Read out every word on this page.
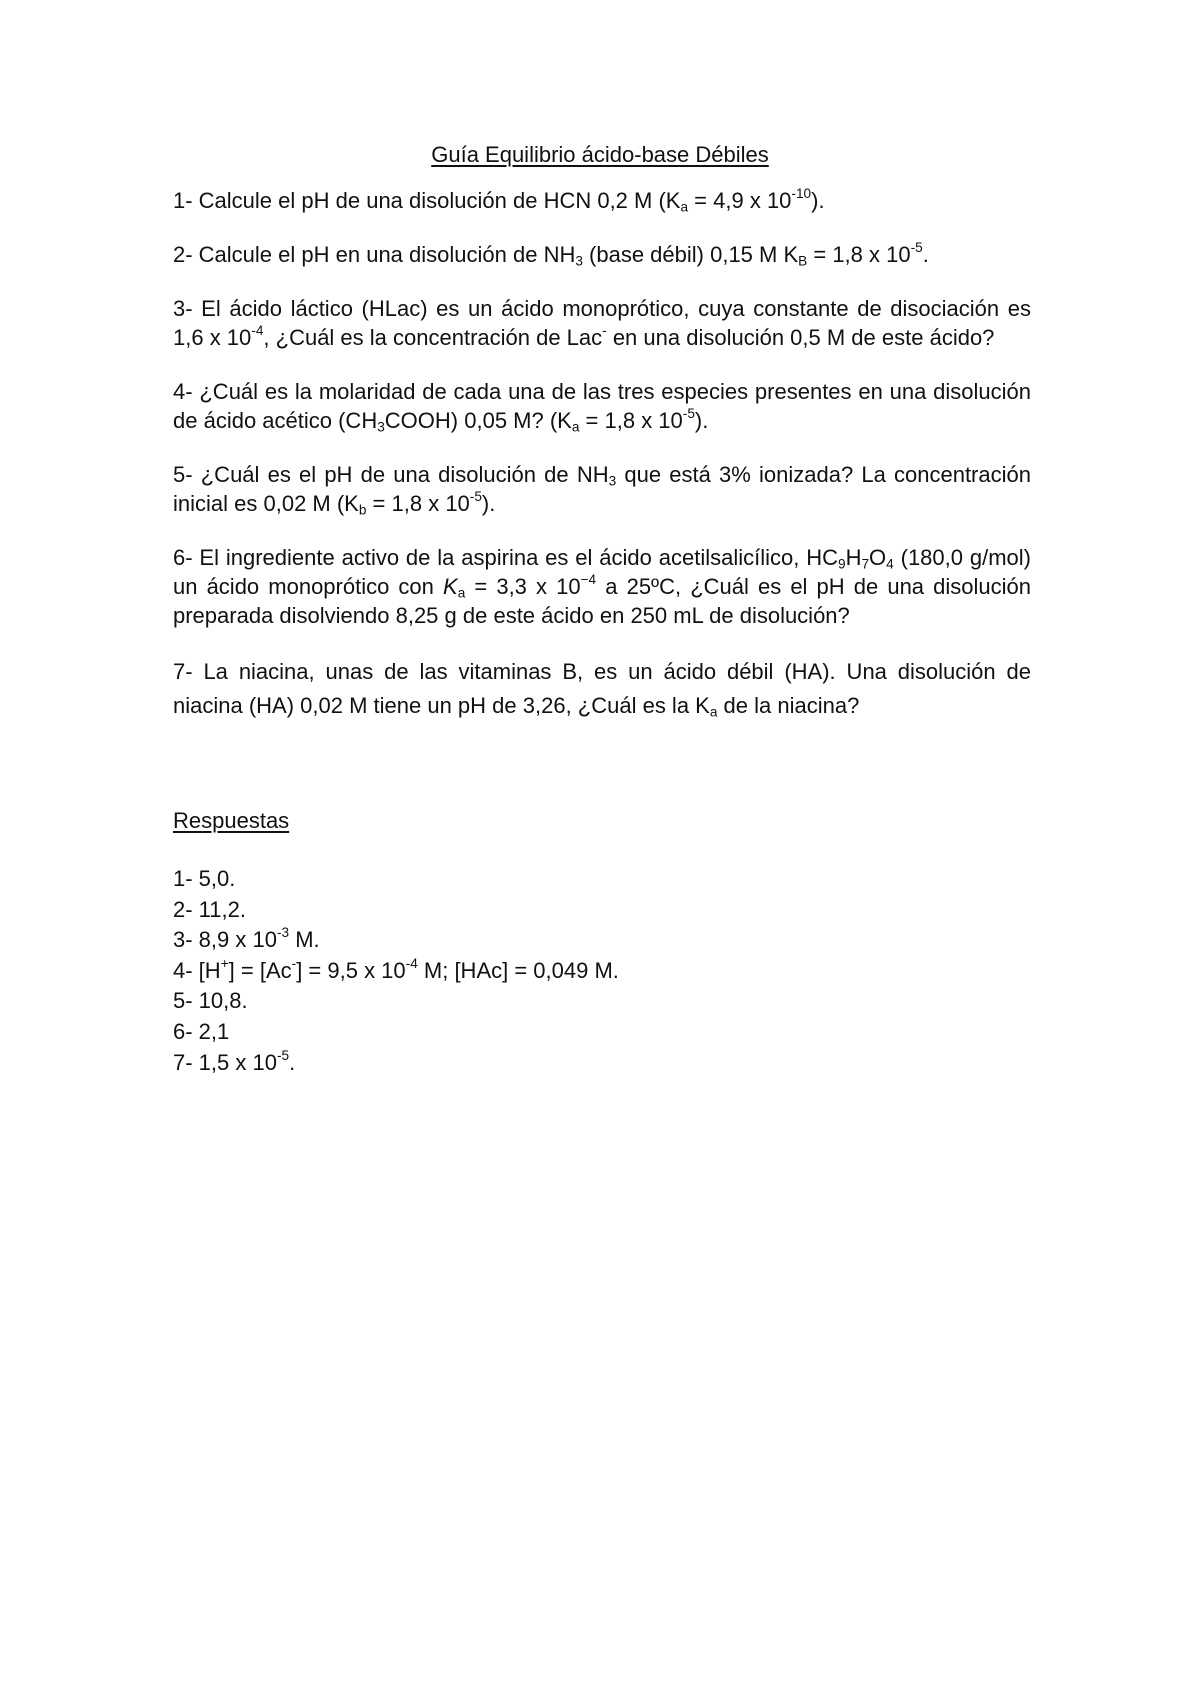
Guía Equilibrio ácido-base Débiles

1- Calcule el pH de una disolución de HCN 0,2 M ($K_a = 4,9$ x $10^{-10}$).

2- Calcule el pH en una disolución de $NH_3$ (base débil) 0,15 M $K_B = 1,8$ x $10^{-5}$.

3- El ácido láctico (HLac) es un ácido monoprótico, cuya constante de disociación es 1,6 x $10^{-4}$, ¿Cuál es la concentración de Lac- en una disolución 0,5 M de este ácido?

4- ¿Cuál es la molaridad de cada una de las tres especies presentes en una disolución de ácido acético $(CH_3COOH)$ 0,05 M? ($K_a = 1,8$ x $10^{-5}$).

5- ¿Cuál es el pH de una disolución de $NH_3$ que está 3% ionizada? La concentración inicial es 0,02 M ($K_b = 1,8$ x $10^{-5}$).

6- El ingrediente activo de la aspirina es el ácido acetilsalicílico, $HC_9H_7O_4$ (180,0 g/mol) un ácido monoprótico con $K_a = 3,3$ x $10^{-4}$ a 25ºC, ¿Cuál es el pH de una disolución preparada disolviendo 8,25 g de este ácido en 250 mL de disolución?

7- La niacina, unas de las vitaminas B, es un ácido débil (HA). Una disolución de niacina (HA) 0,02 M tiene un pH de 3,26, ¿Cuál es la $K_a$ de la niacina?

Respuestas
1- 5,0.
2- 11,2.
3- 8,9 x $10^{-3}$ M.
4- [H+] = [Ac-] = 9,5 x $10^{-4}$ M; [HAc] = 0,049 M.
5- 10,8.
6- 2,1
7- 1,5 x $10^{-5}$.
